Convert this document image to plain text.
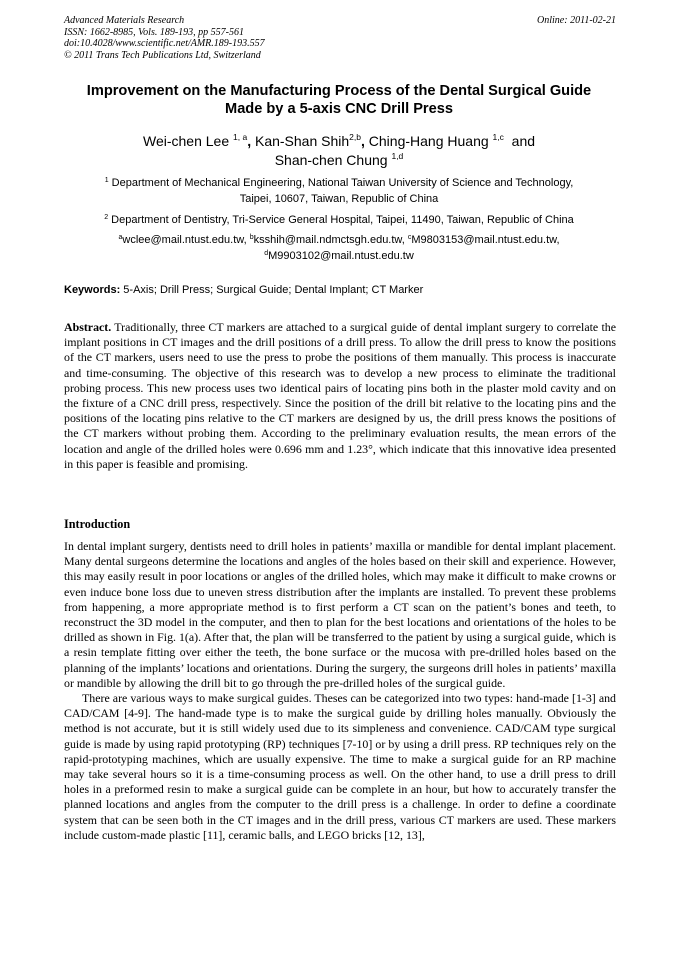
Advanced Materials Research
ISSN: 1662-8985, Vols. 189-193, pp 557-561
doi:10.4028/www.scientific.net/AMR.189-193.557
© 2011 Trans Tech Publications Ltd, Switzerland
Online: 2011-02-21
Improvement on the Manufacturing Process of the Dental Surgical Guide
Made by a 5-axis CNC Drill Press
Wei-chen Lee $^{1, a}$, Kan-Shan Shih$^{2,b}$, Ching-Hang Huang $^{1,c}$ and
Shan-chen Chung $^{1,d}$
$^1$ Department of Mechanical Engineering, National Taiwan University of Science and Technology,
Taipei, 10607, Taiwan, Republic of China
$^2$ Department of Dentistry, Tri-Service General Hospital, Taipei, 11490, Taiwan, Republic of China
$^a$wclee@mail.ntust.edu.tw, $^b$ksshih@mail.ndmctsgh.edu.tw, $^c$M9803153@mail.ntust.edu.tw,
$^d$M9903102@mail.ntust.edu.tw
Keywords: 5-Axis; Drill Press; Surgical Guide; Dental Implant; CT Marker
Abstract. Traditionally, three CT markers are attached to a surgical guide of dental implant surgery to correlate the implant positions in CT images and the drill positions of a drill press. To allow the drill press to know the positions of the CT markers, users need to use the press to probe the positions of them manually. This process is inaccurate and time-consuming. The objective of this research was to develop a new process to eliminate the traditional probing process. This new process uses two identical pairs of locating pins both in the plaster mold cavity and on the fixture of a CNC drill press, respectively. Since the position of the drill bit relative to the locating pins and the positions of the locating pins relative to the CT markers are designed by us, the drill press knows the positions of the CT markers without probing them. According to the preliminary evaluation results, the mean errors of the location and angle of the drilled holes were 0.696 mm and 1.23°, which indicate that this innovative idea presented in this paper is feasible and promising.
Introduction

In dental implant surgery, dentists need to drill holes in patients’ maxilla or mandible for dental implant placement. Many dental surgeons determine the locations and angles of the holes based on their skill and experience. However, this may easily result in poor locations or angles of the drilled holes, which may make it difficult to make crowns or even induce bone loss due to uneven stress distribution after the implants are installed. To prevent these problems from happening, a more appropriate method is to first perform a CT scan on the patient’s bones and teeth, to reconstruct the 3D model in the computer, and then to plan for the best locations and orientations of the holes to be drilled as shown in Fig. 1(a). After that, the plan will be transferred to the patient by using a surgical guide, which is a resin template fitting over either the teeth, the bone surface or the mucosa with pre-drilled holes based on the planning of the implants’ locations and orientations. During the surgery, the surgeons drill holes in patients’ maxilla or mandible by allowing the drill bit to go through the pre-drilled holes of the surgical guide.

There are various ways to make surgical guides. Theses can be categorized into two types: hand-made [1-3] and CAD/CAM [4-9]. The hand-made type is to make the surgical guide by drilling holes manually. Obviously the method is not accurate, but it is still widely used due to its simpleness and convenience. CAD/CAM type surgical guide is made by using rapid prototyping (RP) techniques [7-10] or by using a drill press. RP techniques rely on the rapid-prototyping machines, which are usually expensive. The time to make a surgical guide for an RP machine may take several hours so it is a time-consuming process as well. On the other hand, to use a drill press to drill holes in a preformed resin to make a surgical guide can be complete in an hour, but how to accurately transfer the planned locations and angles from the computer to the drill press is a challenge. In order to define a coordinate system that can be seen both in the CT images and in the drill press, various CT markers are used. These markers include custom-made plastic [11], ceramic balls, and LEGO bricks [12, 13],
